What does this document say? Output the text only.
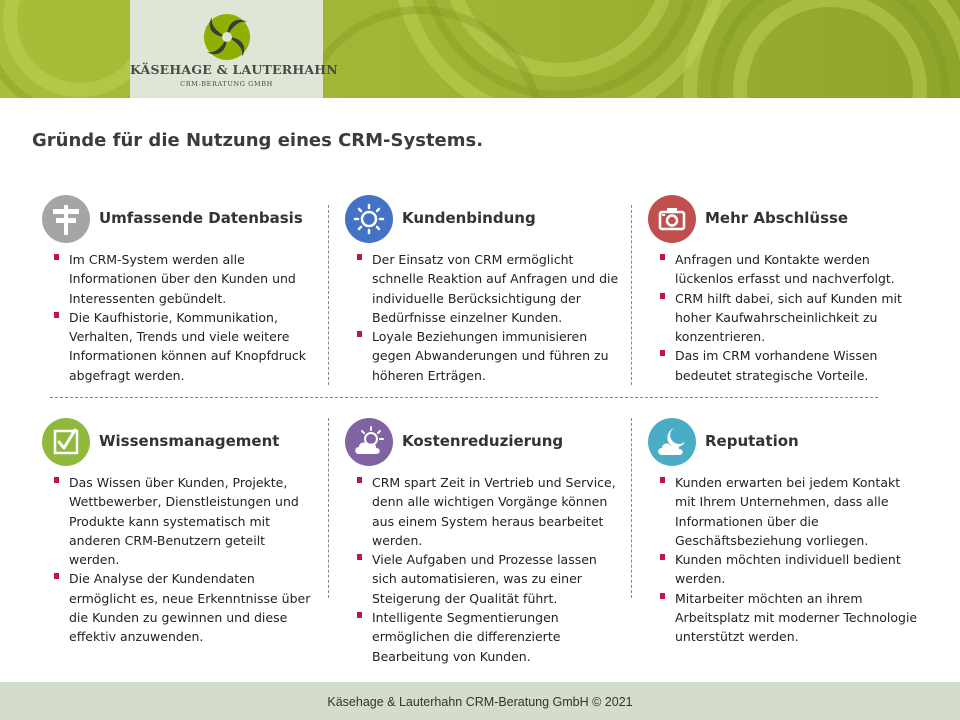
KÄSEHAGE & LAUTERHAHN
CRM-BERATUNG GMBH
Gründe für die Nutzung eines CRM-Systems.
Umfassende Datenbasis
Im CRM-System werden alle Informationen über den Kunden und Interessenten gebündelt.
Die Kaufhistorie, Kommunikation, Verhalten, Trends und viele weitere Informationen können auf Knopfdruck abgefragt werden.
Kundenbindung
Der Einsatz von CRM ermöglicht schnelle Reaktion auf Anfragen und die individuelle Berücksichtigung der Bedürfnisse einzelner Kunden.
Loyale Beziehungen immunisieren gegen Abwanderungen und führen zu höheren Erträgen.
Mehr Abschlüsse
Anfragen und Kontakte werden lückenlos erfasst und nachverfolgt.
CRM hilft dabei, sich auf Kunden mit hoher Kaufwahrscheinlichkeit zu konzentrieren.
Das im CRM vorhandene Wissen bedeutet strategische Vorteile.
Wissensmanagement
Das Wissen über Kunden, Projekte, Wettbewerber, Dienstleistungen und Produkte kann systematisch mit anderen CRM-Benutzern geteilt werden.
Die Analyse der Kundendaten ermöglicht es, neue Erkenntnisse über die Kunden zu gewinnen und diese effektiv anzuwenden.
Kostenreduzierung
CRM spart Zeit in Vertrieb und Service, denn alle wichtigen Vorgänge können aus einem System heraus bearbeitet werden.
Viele Aufgaben und Prozesse lassen sich automatisieren, was zu einer Steigerung der Qualität führt.
Intelligente Segmentierungen ermöglichen die differenzierte Bearbeitung von Kunden.
Reputation
Kunden erwarten bei jedem Kontakt mit Ihrem Unternehmen, dass alle Informationen über die Geschäftsbeziehung vorliegen.
Kunden möchten individuell bedient werden.
Mitarbeiter möchten an ihrem Arbeitsplatz mit moderner Technologie unterstützt werden.
Käsehage & Lauterhahn CRM-Beratung GmbH © 2021
